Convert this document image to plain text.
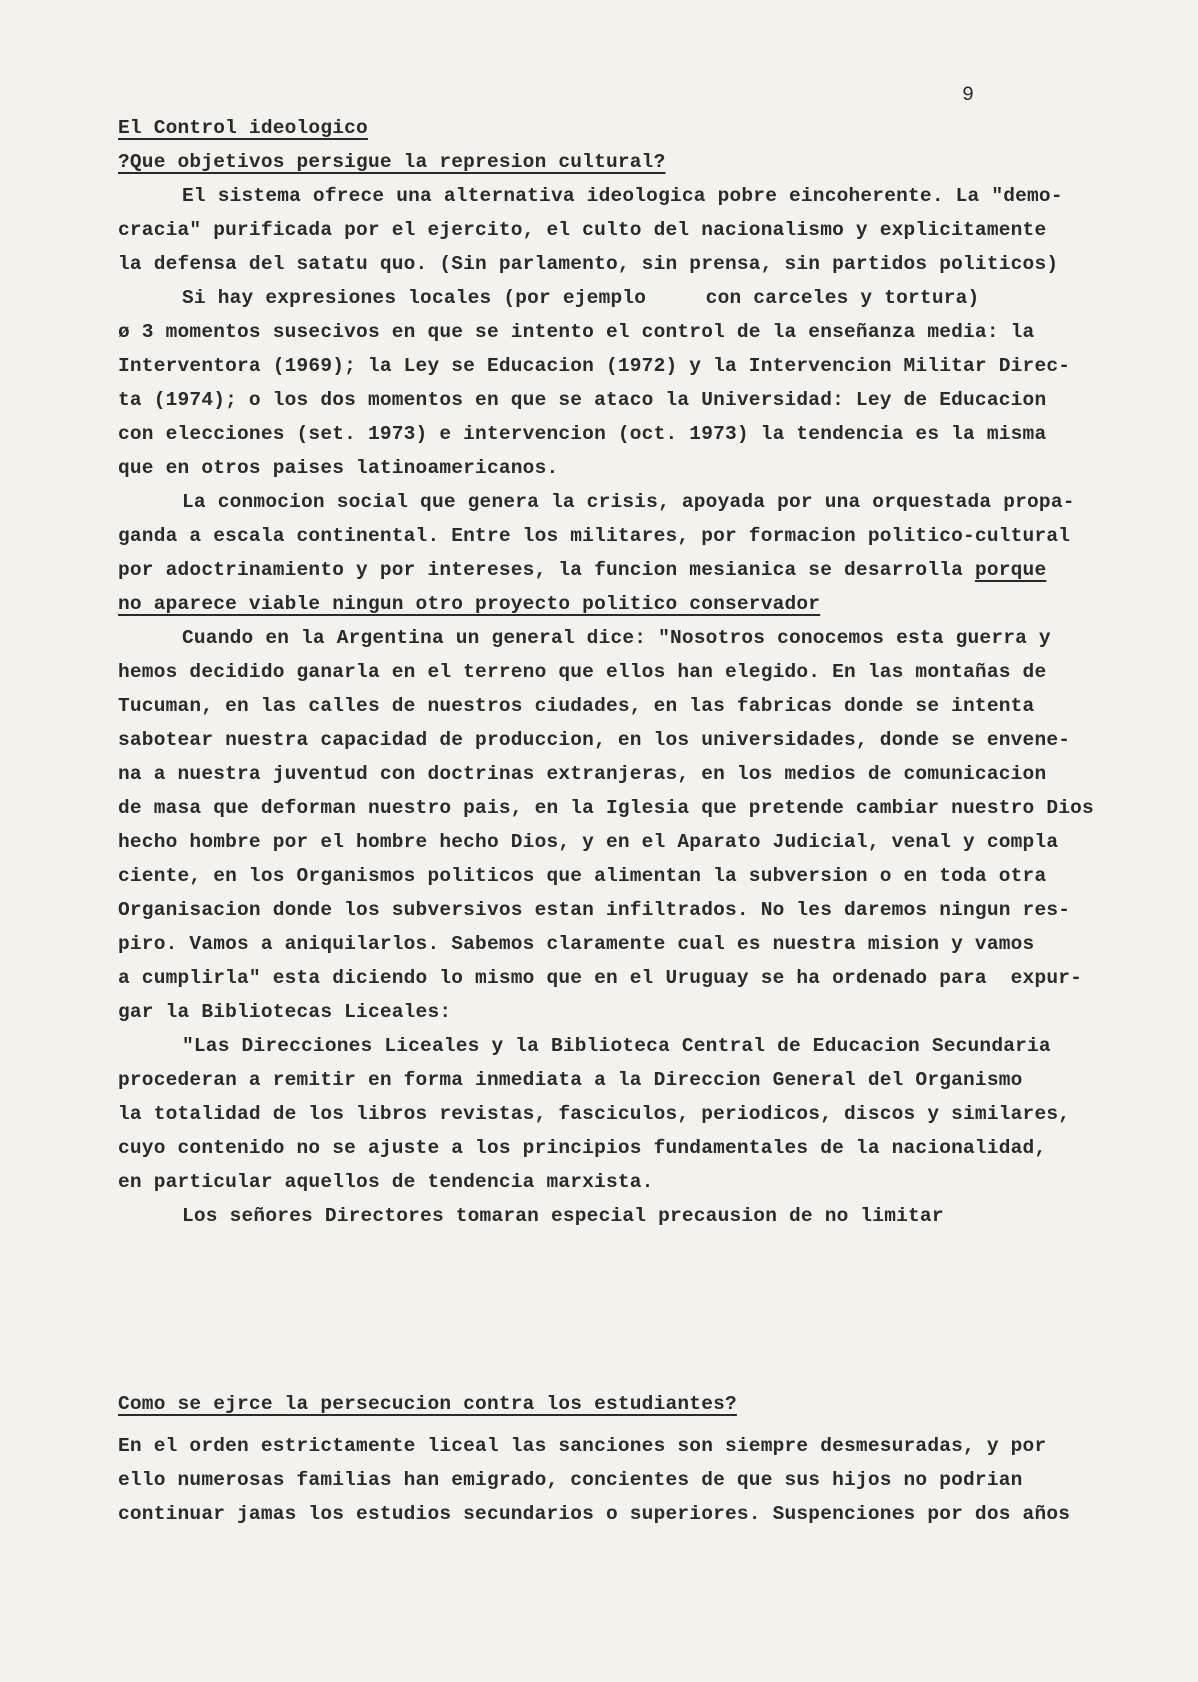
9
El Control ideologico
?Que objetivos persigue la represion cultural?
El sistema ofrece una alternativa ideologica pobre eincoherente. La "demo-
cracia" purificada por el ejercito, el culto del nacionalismo y explicitamente
la defensa del satatu quo. (Sin parlamento, sin prensa, sin partidos politicos)
Si hay expresiones locales (por ejemplo     con carceles y tortura)
ø 3 momentos susecivos en que se intento el control de la enseñanza media: la
Interventora (1969); la Ley se Educacion (1972) y la Intervencion Militar Direc-
ta (1974); o los dos momentos en que se ataco la Universidad: Ley de Educacion
con elecciones (set. 1973) e intervencion (oct. 1973) la tendencia es la misma
que en otros paises latinoamericanos.
La conmocion social que genera la crisis, apoyada por una orquestada propa-
ganda a escala continental. Entre los militares, por formacion politico-cultural
por adoctrinamiento y por intereses, la funcion mesianica se desarrolla porque
no aparece viable ningun otro proyecto politico conservador
Cuando en la Argentina un general dice: "Nosotros conocemos esta guerra y
hemos decidido ganarla en el terreno que ellos han elegido. En las montañas de
Tucuman, en las calles de nuestros ciudades, en las fabricas donde se intenta
sabotear nuestra capacidad de produccion, en los universidades, donde se envene-
na a nuestra juventud con doctrinas extranjeras, en los medios de comunicacion
de masa que deforman nuestro pais, en la Iglesia que pretende cambiar nuestro Dios
hecho hombre por el hombre hecho Dios, y en el Aparato Judicial, venal y compla
ciente, en los Organismos politicos que alimentan la subversion o en toda otra
Organisacion donde los subversivos estan infiltrados. No les daremos ningun res-
piro. Vamos a aniquilarlos. Sabemos claramente cual es nuestra mision y vamos
a cumplirla" esta diciendo lo mismo que en el Uruguay se ha ordenado para  expur-
gar la Bibliotecas Liceales:
"Las Direcciones Liceales y la Biblioteca Central de Educacion Secundaria
procederan a remitir en forma inmediata a la Direccion General del Organismo
la totalidad de los libros revistas, fasciculos, periodicos, discos y similares,
cuyo contenido no se ajuste a los principios fundamentales de la nacionalidad,
en particular aquellos de tendencia marxista.
Los señores Directores tomaran especial precausion de no limitar
Como se ejrce la persecucion contra los estudiantes?
En el orden estrictamente liceal las sanciones son siempre desmesuradas, y por
ello numerosas familias han emigrado, concientes de que sus hijos no podrian
continuar jamas los estudios secundarios o superiores. Suspenciones por dos años
